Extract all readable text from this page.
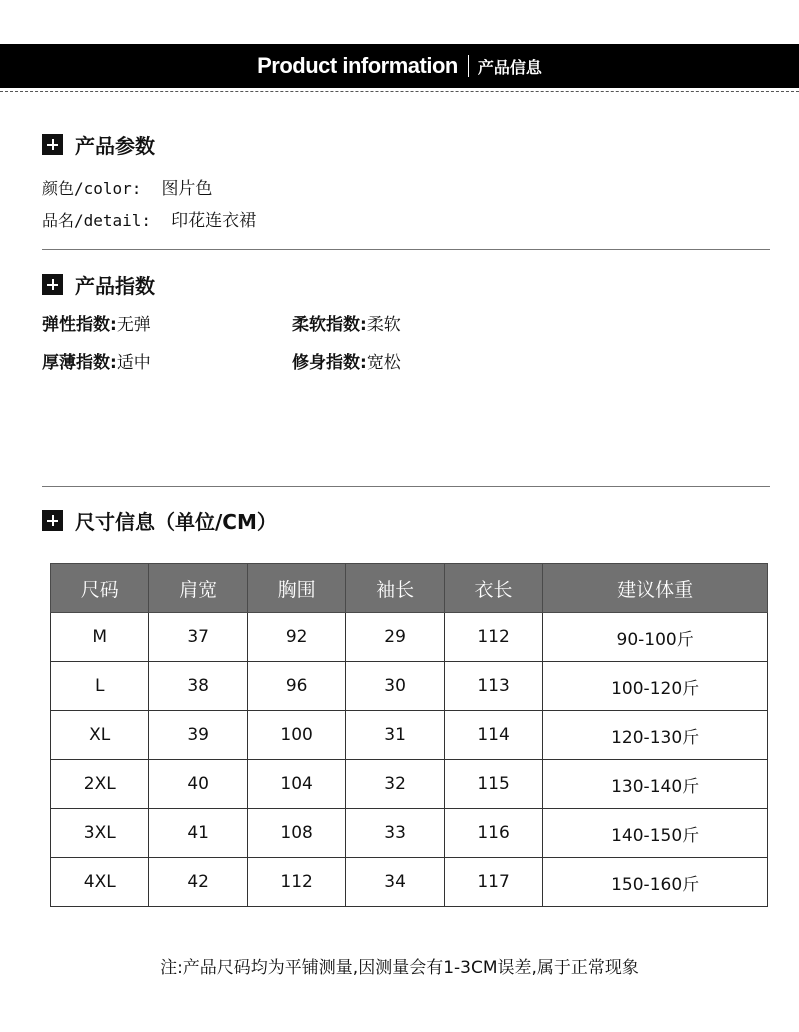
Product information 产品信息
产品参数
颜色/color: 图片色
品名/detail: 印花连衣裙
产品指数
弹性指数:无弹	柔软指数:柔软
厚薄指数:适中	修身指数:宽松
尺寸信息（单位/CM）
尺码	肩宽	胸围	袖长	衣长	建议体重
M	37	92	29	112	90-100斤
L	38	96	30	113	100-120斤
XL	39	100	31	114	120-130斤
2XL	40	104	32	115	130-140斤
3XL	41	108	33	116	140-150斤
4XL	42	112	34	117	150-160斤
注:产品尺码均为平铺测量,因测量会有1-3CM误差,属于正常现象
